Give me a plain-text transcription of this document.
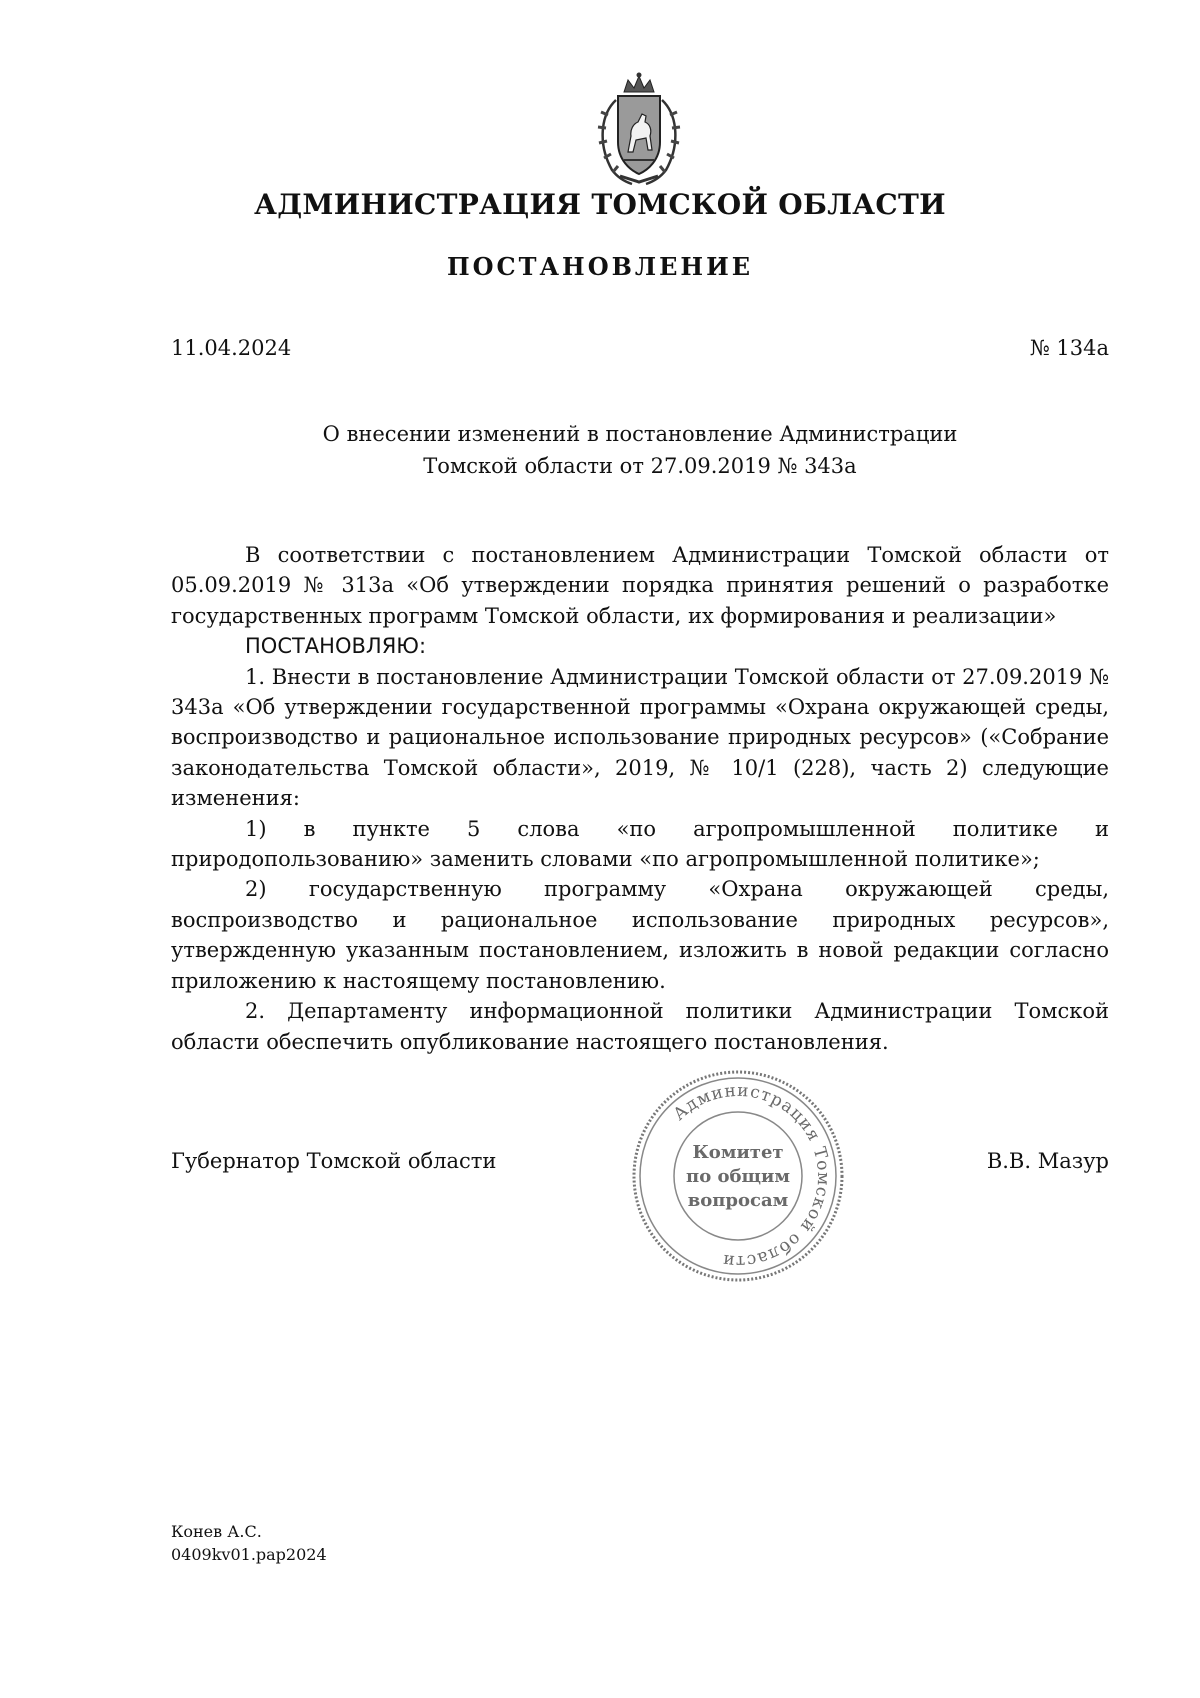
АДМИНИСТРАЦИЯ ТОМСКОЙ ОБЛАСТИ
ПОСТАНОВЛЕНИЕ
11.04.2024	№ 134а
О внесении изменений в постановление Администрации
Томской области от 27.09.2019 № 343а

В соответствии с постановлением Администрации Томской области от 05.09.2019 № 313а «Об утверждении порядка принятия решений о разработке государственных программ Томской области, их формирования и реализации»

ПОСТАНОВЛЯЮ:

1. Внести в постановление Администрации Томской области от 27.09.2019 № 343а «Об утверждении государственной программы «Охрана окружающей среды, воспроизводство и рациональное использование природных ресурсов» («Собрание законодательства Томской области», 2019, № 10/1 (228), часть 2) следующие изменения:

1) в пункте 5 слова «по агропромышленной политике и природопользованию» заменить словами «по агропромышленной политике»;

2) государственную программу «Охрана окружающей среды, воспроизводство и рациональное использование природных ресурсов», утвержденную указанным постановлением, изложить в новой редакции согласно приложению к настоящему постановлению.

2. Департаменту информационной политики Администрации Томской области обеспечить опубликование настоящего постановления.

Губернатор Томской области	В.В. Мазур
Администрация Томской области
Комитет
по общим
вопросам
Конев А.С.
0409kv01.pap2024
